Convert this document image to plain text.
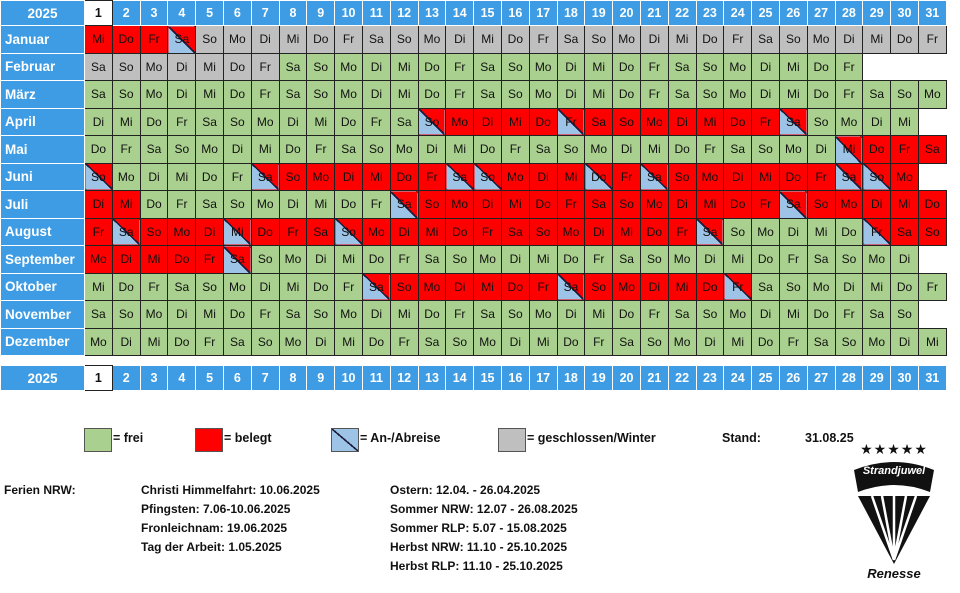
2025	1	2	3	4	5	6	7	8	9	10	11	12	13	14	15	16	17	18	19	20	21	22	23	24	25	26	27	28	29	30	31
Januar	Mi	Do	Fr	Sa	So	Mo	Di	Mi	Do	Fr	Sa	So	Mo	Di	Mi	Do	Fr	Sa	So	Mo	Di	Mi	Do	Fr	Sa	So	Mo	Di	Mi	Do	Fr
Februar	Sa	So	Mo	Di	Mi	Do	Fr	Sa	So	Mo	Di	Mi	Do	Fr	Sa	So	Mo	Di	Mi	Do	Fr	Sa	So	Mo	Di	Mi	Do	Fr			
März	Sa	So	Mo	Di	Mi	Do	Fr	Sa	So	Mo	Di	Mi	Do	Fr	Sa	So	Mo	Di	Mi	Do	Fr	Sa	So	Mo	Di	Mi	Do	Fr	Sa	So	Mo
April	Di	Mi	Do	Fr	Sa	So	Mo	Di	Mi	Do	Fr	Sa	So	Mo	Di	Mi	Do	Fr	Sa	So	Mo	Di	Mi	Do	Fr	Sa	So	Mo	Di	Mi	
Mai	Do	Fr	Sa	So	Mo	Di	Mi	Do	Fr	Sa	So	Mo	Di	Mi	Do	Fr	Sa	So	Mo	Di	Mi	Do	Fr	Sa	So	Mo	Di	Mi	Do	Fr	Sa
Juni	So	Mo	Di	Mi	Do	Fr	Sa	So	Mo	Di	Mi	Do	Fr	Sa	So	Mo	Di	Mi	Do	Fr	Sa	So	Mo	Di	Mi	Do	Fr	Sa	So	Mo	
Juli	Di	Mi	Do	Fr	Sa	So	Mo	Di	Mi	Do	Fr	Sa	So	Mo	Di	Mi	Do	Fr	Sa	So	Mo	Di	Mi	Do	Fr	Sa	So	Mo	Di	Mi	Do
August	Fr	Sa	So	Mo	Di	Mi	Do	Fr	Sa	So	Mo	Di	Mi	Do	Fr	Sa	So	Mo	Di	Mi	Do	Fr	Sa	So	Mo	Di	Mi	Do	Fr	Sa	So
September	Mo	Di	Mi	Do	Fr	Sa	So	Mo	Di	Mi	Do	Fr	Sa	So	Mo	Di	Mi	Do	Fr	Sa	So	Mo	Di	Mi	Do	Fr	Sa	So	Mo	Di	
Oktober	Mi	Do	Fr	Sa	So	Mo	Di	Mi	Do	Fr	Sa	So	Mo	Di	Mi	Do	Fr	Sa	So	Mo	Di	Mi	Do	Fr	Sa	So	Mo	Di	Mi	Do	Fr
November	Sa	So	Mo	Di	Mi	Do	Fr	Sa	So	Mo	Di	Mi	Do	Fr	Sa	So	Mo	Di	Mi	Do	Fr	Sa	So	Mo	Di	Mi	Do	Fr	Sa	So	
Dezember	Mo	Di	Mi	Do	Fr	Sa	So	Mo	Di	Mi	Do	Fr	Sa	So	Mo	Di	Mi	Do	Fr	Sa	So	Mo	Di	Mi	Do	Fr	Sa	So	Mo	Di	Mi

2025	1	2	3	4	5	6	7	8	9	10	11	12	13	14	15	16	17	18	19	20	21	22	23	24	25	26	27	28	29	30	31
= frei	= belegt	= An-/Abreise	= geschlossen/Winter	Stand:	31.08.25
Ferien NRW:	Christi Himmelfahrt: 10.06.2025
Pfingsten: 7.06-10.06.2025
Fronleichnam: 19.06.2025
Tag der Arbeit: 1.05.2025
Ostern: 12.04. - 26.04.2025
Sommer NRW: 12.07 - 26.08.2025
Sommer RLP: 5.07 - 15.08.2025
Herbst NRW: 11.10 - 25.10.2025
Herbst RLP: 11.10 - 25.10.2025
★★★★★
Strandjuwel
Renesse
